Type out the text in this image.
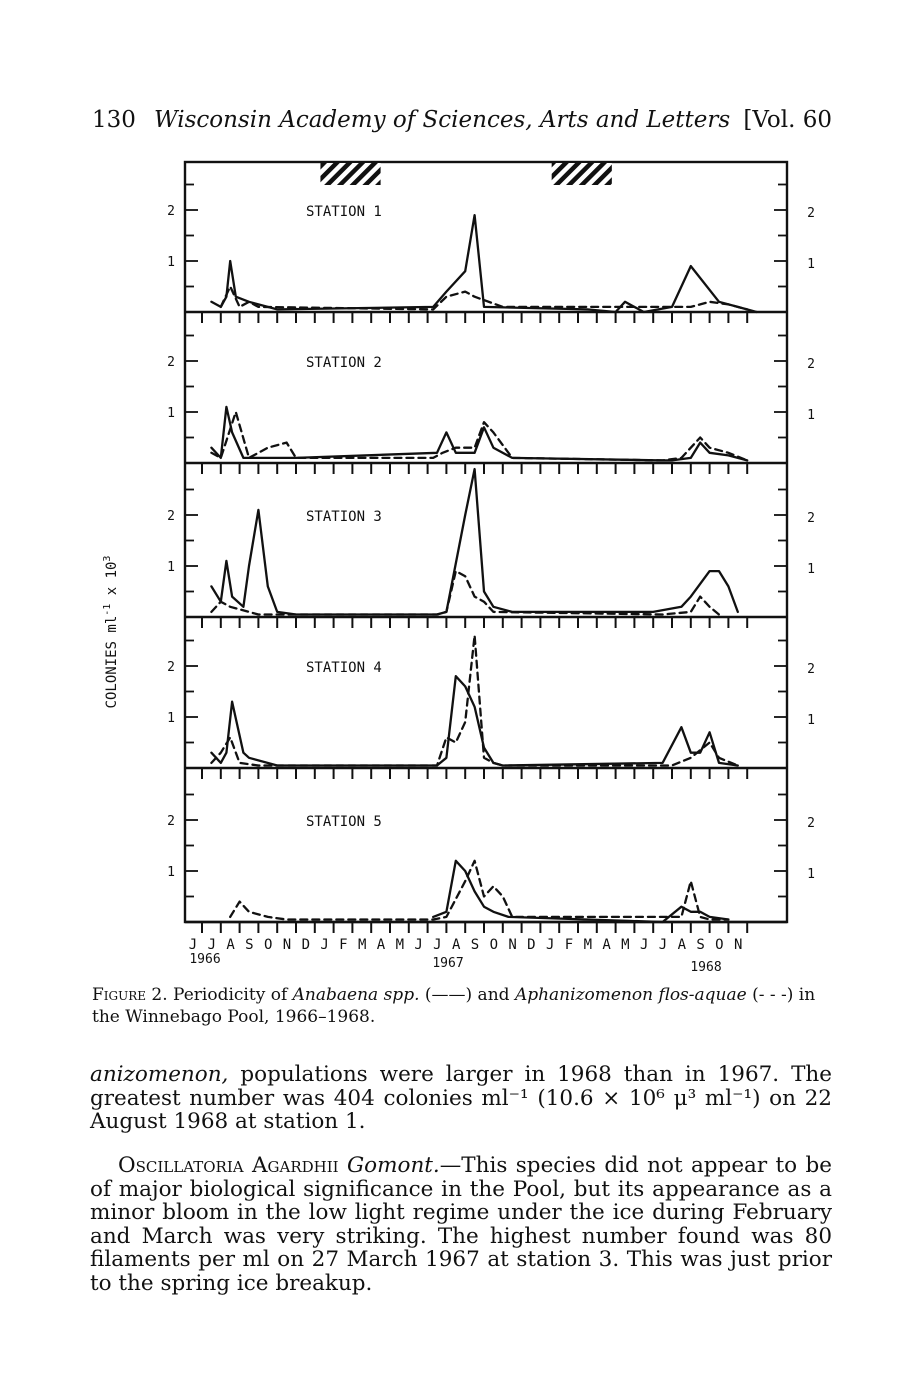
130 Wisconsin Academy of Sciences, Arts and Letters [Vol. 60
2
1
2
1
STATION 1
2
1
2
1
STATION 2
2
1
2
1
STATION 3
2
1
2
1
STATION 4
2
1
2
1
STATION 5
J J A S O N D J F M A M J J A S O N D J F M A M J J A S O N
1966	1967	1968
COLONIES $ml^{-1}$ x $10^3$
Figure 2. Periodicity of Anabaena spp. (——) and Aphanizomenon flos-aquae (- - -) in the Winnebago Pool, 1966–1968.

anizomenon, populations were larger in 1968 than in 1967. The greatest number was 404 colonies ml⁻¹ (10.6 × 10⁶ μ³ ml⁻¹) on 22 August 1968 at station 1.

Oscillatoria Agardhii Gomont.—This species did not appear to be of major biological significance in the Pool, but its appearance as a minor bloom in the low light regime under the ice during February and March was very striking. The highest number found was 80 filaments per ml on 27 March 1967 at station 3. This was just prior to the spring ice breakup.
